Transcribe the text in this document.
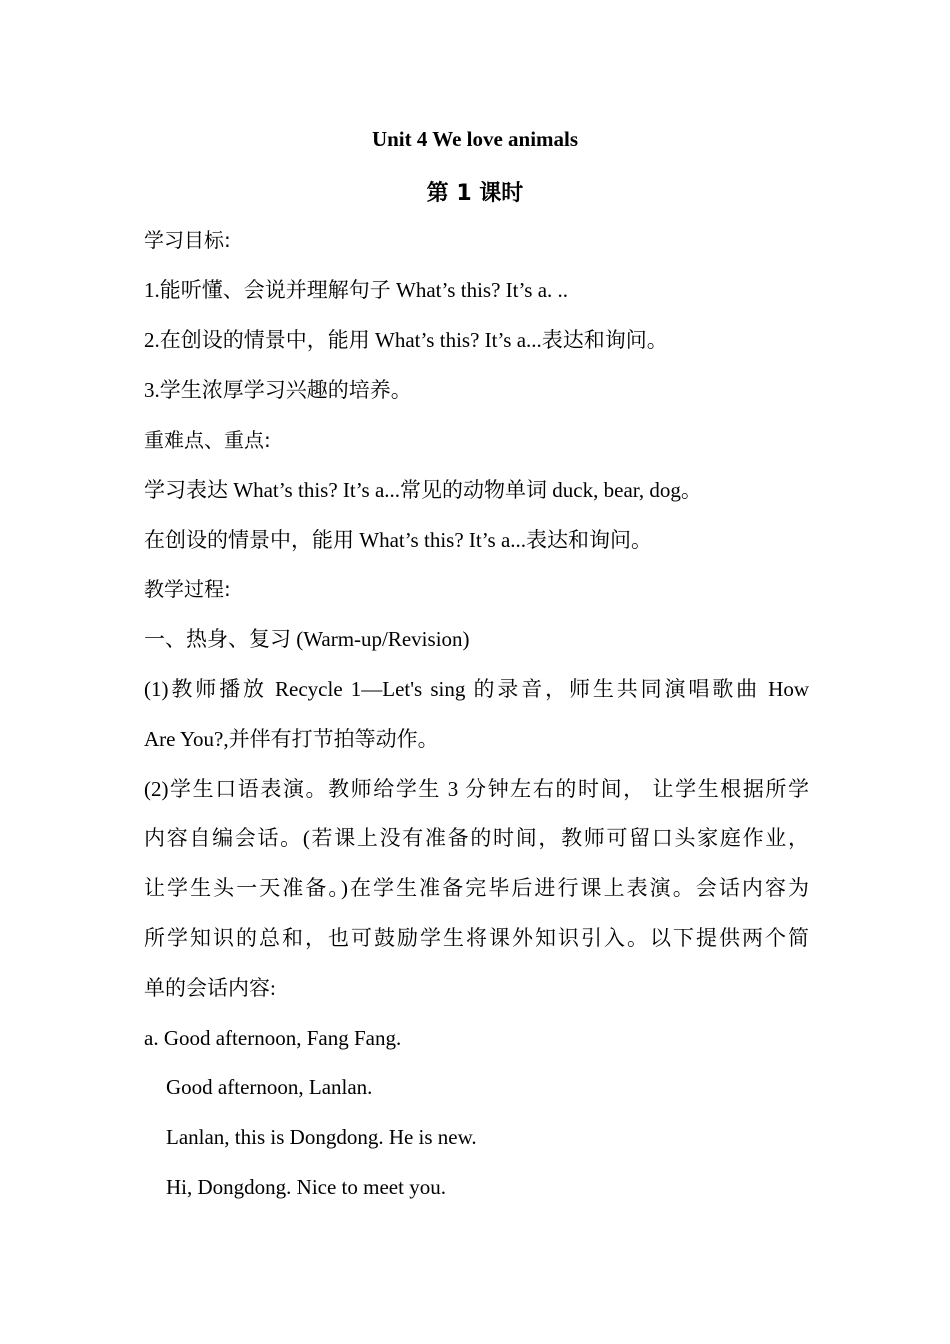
Unit 4 We love animals
第 1 课时
学习目标:
1.能听懂、会说并理解句子 What’s this? It’s a. ..
2.在创设的情景中，能用 What’s this? It’s a...表达和询问。
3.学生浓厚学习兴趣的培养。
重难点、重点:
学习表达 What’s this? It’s a...常见的动物单词 duck, bear, dog。
在创设的情景中，能用 What’s this? It’s a...表达和询问。
教学过程:
一、热身、复习 (Warm-up/Revision)
(1)教师播放 Recycle 1—Let's sing 的录音，师生共同演唱歌曲 How
Are You?,并伴有打节拍等动作。
(2)学生口语表演。教师给学生 3 分钟左右的时间， 让学生根据所学
内容自编会话。(若课上没有准备的时间，教师可留口头家庭作业，
让学生头一天准备。)在学生准备完毕后进行课上表演。会话内容为
所学知识的总和，也可鼓励学生将课外知识引入。以下提供两个简
单的会话内容:
a. Good afternoon, Fang Fang.
Good afternoon, Lanlan.
Lanlan, this is Dongdong. He is new.
Hi, Dongdong. Nice to meet you.
